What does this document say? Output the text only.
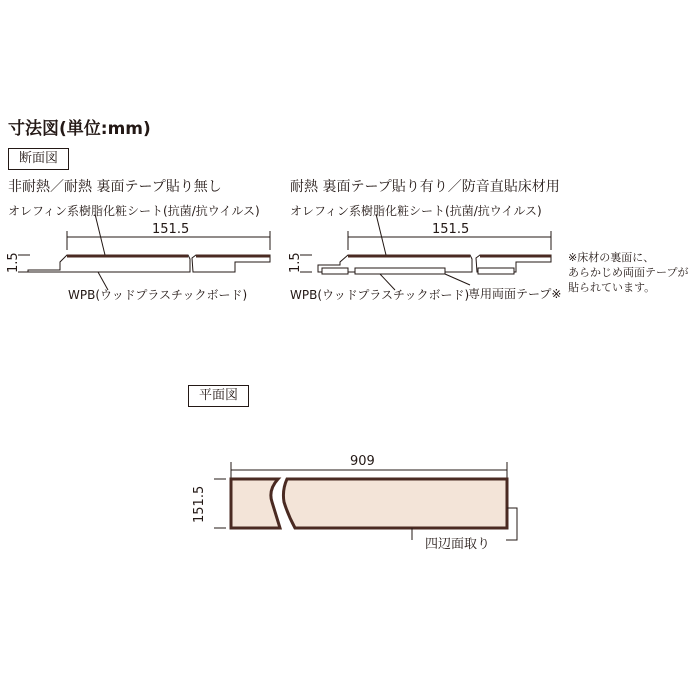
寸法図(単位:mm)
断面図
非耐熱／耐熱 裏面テープ貼り無し	耐熱 裏面テープ貼り有り／防音直貼床材用
オレフィン系樹脂化粧シート(抗菌/抗ウイルス)	オレフィン系樹脂化粧シート(抗菌/抗ウイルス)
151.5	151.5
1.5	1.5
WPB(ウッドプラスチックボード)	WPB(ウッドプラスチックボード)
専用両面テープ※
※床材の裏面に、
あらかじめ両面テープが
貼られています。
平面図
909
151.5
四辺面取り
